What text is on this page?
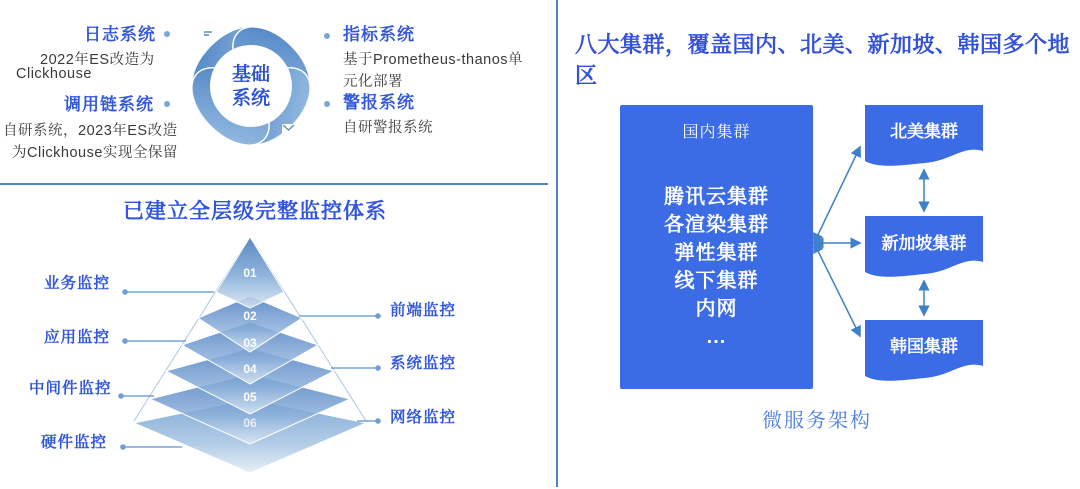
日志系统
2022年ES改造为
Clickhouse
调用链系统
自研系统，2023年ES改造
为Clickhouse实现全保留
指标系统
基于Prometheus-thanos单
元化部署
警报系统
自研警报系统
基础
系统
已建立全层级完整监控体系
01
02
03
04
05
06
业务监控
应用监控
中间件监控
硬件监控
前端监控
系统监控
网络监控
八大集群，覆盖国内、北美、新加坡、韩国多个地区
国内集群
腾讯云集群
各渲染集群
弹性集群
线下集群
内网
...
北美集群
新加坡集群
韩国集群
微服务架构
